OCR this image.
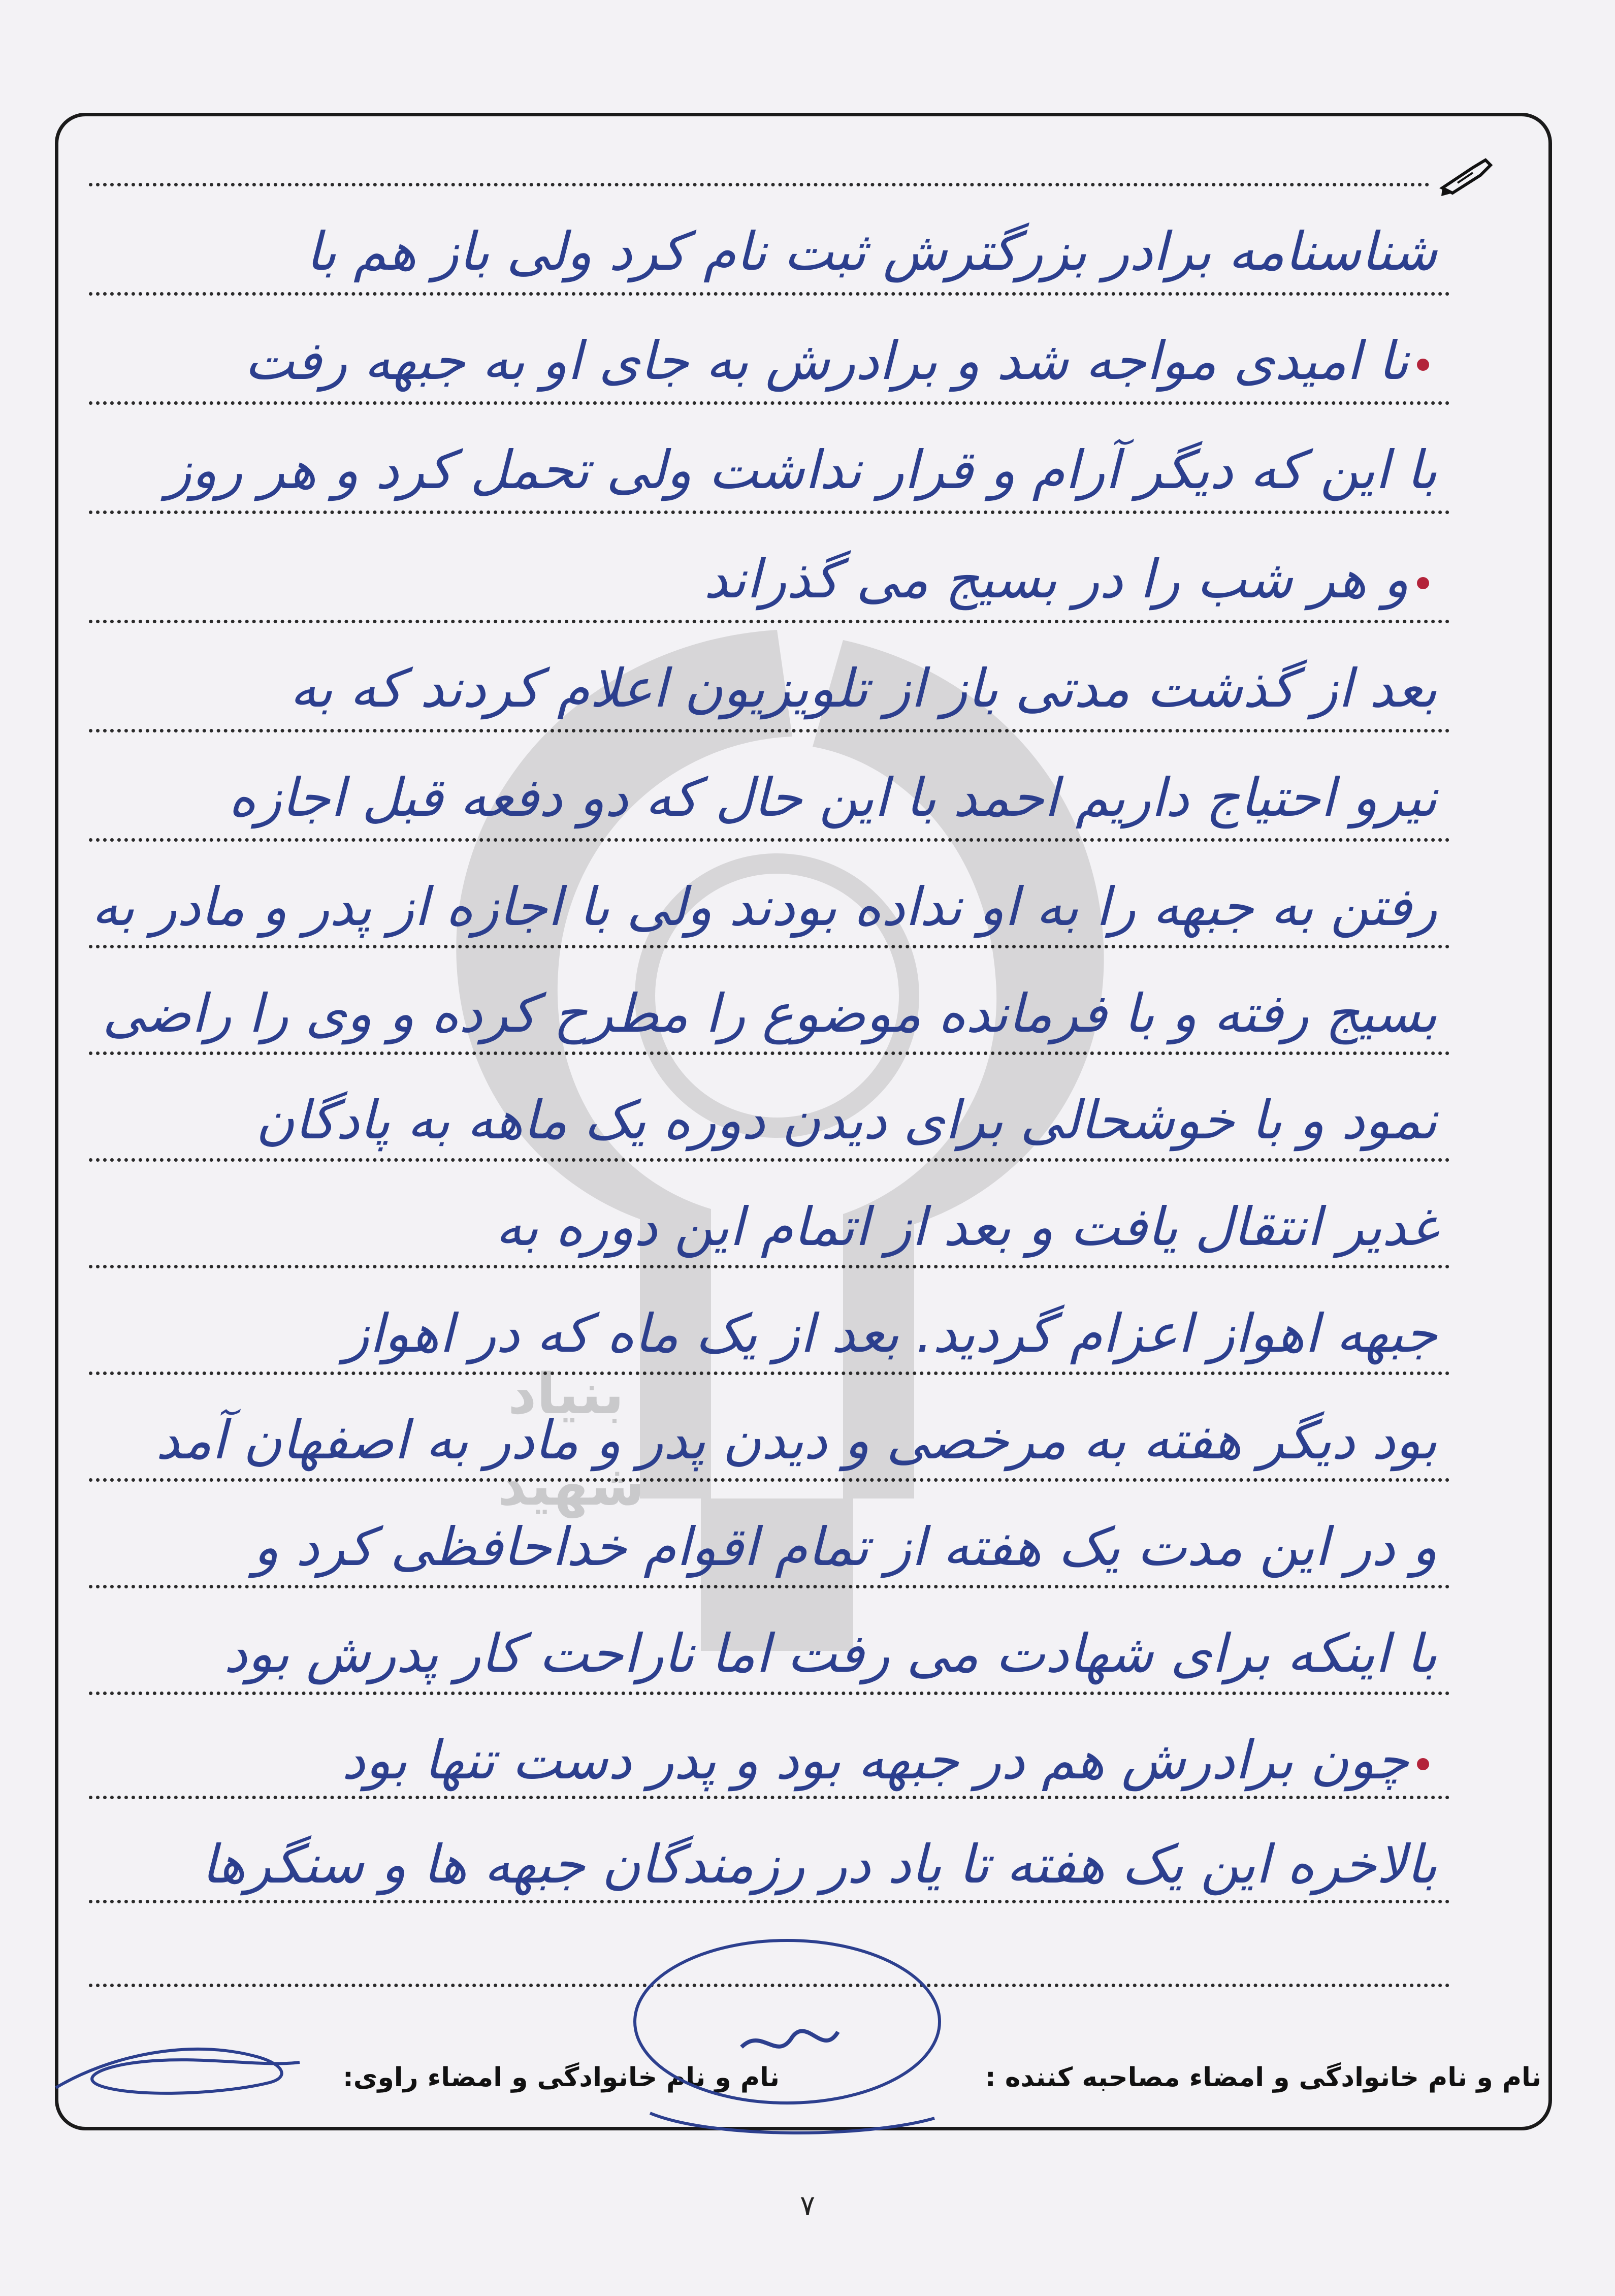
بنیاد
شهید
شناسنامه برادر بزرگترش ثبت نام کرد ولی باز هم با
نا امیدی مواجه شد و برادرش به جای او به جبهه رفت
با این که دیگر آرام و قرار نداشت ولی تحمل کرد و هر روز
و هر شب را در بسیج می گذراند
بعد از گذشت مدتی باز از تلویزیون اعلام کردند که به
نیرو احتیاج داریم احمد با این حال که دو دفعه قبل اجازه
رفتن به جبهه را به او نداده بودند ولی با اجازه از پدر و مادر به
بسیج رفته و با فرمانده موضوع را مطرح کرده و وی را راضی
نمود و با خوشحالی برای دیدن دوره یک ماهه به پادگان
غدیر انتقال یافت و بعد از اتمام این دوره به
جبهه اهواز اعزام گردید. بعد از یک ماه که در اهواز
بود دیگر هفته به مرخصی و دیدن پدر و مادر به اصفهان آمد
و در این مدت یک هفته از تمام اقوام خداحافظی کرد و
با اینکه برای شهادت می رفت اما ناراحت کار پدرش بود
چون برادرش هم در جبهه بود و پدر دست تنها بود
بالاخره این یک هفته تا یاد در رزمندگان جبهه ها و سنگرها
نام و نام خانوادگی و امضاء مصاحبه کننده :
نام و نام خانوادگی و امضاء راوی:
۷
